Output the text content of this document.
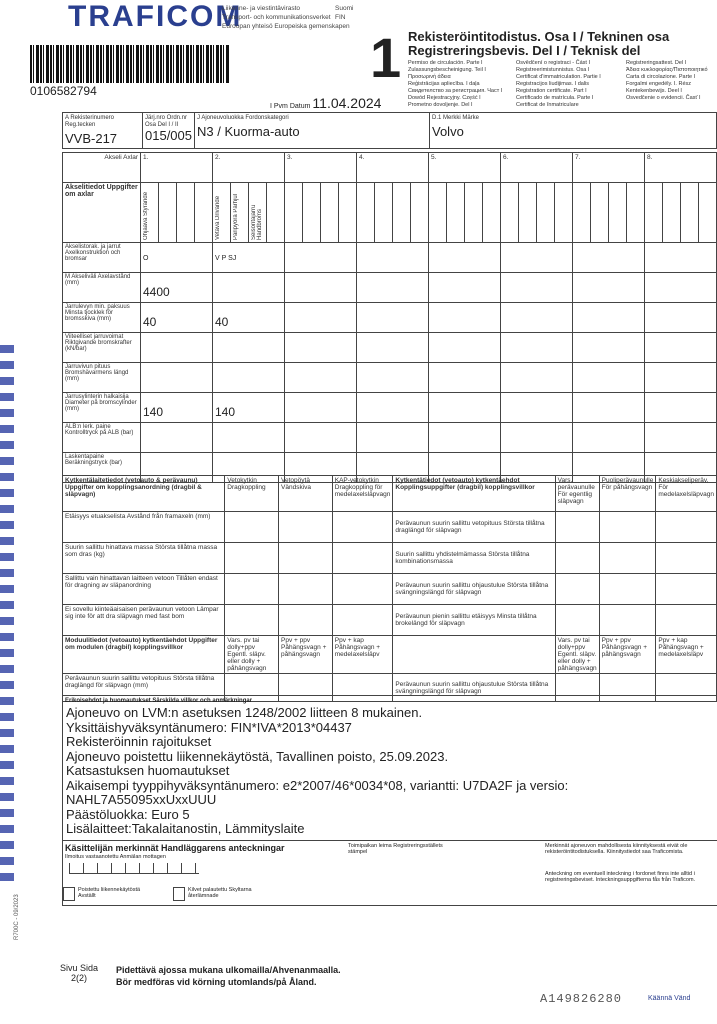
TRAFICOM
Liikenne- ja viestintävirasto
Transport- och kommunikationsverket
Euroopan yhteisö Europeiska gemenskapen
Suomi
FIN
0106582794
1 Rekisteröintitodistus. Osa I / Tekninen osa
Registreringsbevis. Del I / Teknisk del
Permiso de circulación. Parte I	Osvědčení o registraci - Část I	Registreringsattest. Del I
Zulassungsbescheinigung. Teil I	Registreerimistunnistus. Osa I	Άδεια κυκλοφορίας/Πιστοποιητικό
Προσωρινή άδεια	Certificat d'immatriculation. Partie I	Carta di circolazione. Parte I
Reģistrācijas apliecība. I daļa	Registracijos liudijimas. I dalis	Forgalmi engedély. I. Rész
Свидетелство за регистрация. Част I	Registration certificate. Part I	Kentekenbewijs. Deel I
Dowód Rejestracyjny. Część I	Certificado de matrícula. Parte I	Osvedčenie o evidencii. Časť I
Prometno dovoljenje. Del I	Certificat de înmatriculare
I Pvm Datum 11.04.2024
A Rekisterinumero Reg.tecken
VVB-217
	Järj.nro Ordn.nr Osa Del I / II
015/005
	J Ajoneuvoluokka Fordonskategori
N3 / Kuorma-auto
	D.1 Merkki Märke
Volvo
Akseli Axlar	1.				2.				3.				4.				5.				6.				7.				8.			
Akselitiedot Uppgifter om axlar	Ohjaava Styrande				Vetävä Drivande	Paripyörä Parhjul	Seisontajarru Handbroms																									

Akselistorak. ja jarrut Axelkonstruktion och bromsar	O				V P SJ																											
M Akseliväli Axelavstånd (mm)	4400																															
Jarrulevyn min. paksuus Minsta tjocklek för bromsskiva (mm)	40				40																											
Viiteelliset jarruvoimat Riktgivande bromskrafter (kN/bar)																																
Jarruvivun pituus Bromshävarmens längd (mm)																																
Jarrusylinterin halkaisija Diameter på bromscylinder (mm)	140				140																											
ALB:n lerk. paine Kontrolltryck på ALB (bar)																																
Laskentapaine Beräkningstryck (bar)																																
Kytkentälaitetiedot (vetoauto & perävaunu) Uppgifter om kopplingsanordning (dragbil & släpvagn)	Vetokytkin Dragkoppling	Vetopöytä Vändskiva	KAP-vetokytkin Dragkoppling för medelaxelsläpvagn	Kytkentätiedot (vetoauto) kytkentäehdot Kopplingsuppgifter (dragbil) kopplingsvillkor	Vars. perävaunulle För egentlig släpvagn	Puoliperävaunulle För påhängsvagn	Keskiakseliperäv. För medelaxelsläpvagn
Etäisyys etuakselista Avstånd från framaxeln (mm)				Perävaunun suurin sallittu vetopituus Största tillåtna draglängd för släpvagn			
Suurin sallittu hinattava massa Största tillåtna massa som dras (kg)				Suurin sallittu yhdistelmämassa Största tillåtna kombinationsmassa			
Sallittu vain hinattavan laitteen vetoon Tillåten endast för dragning av släpanordning				Perävaunun suurin sallittu ohjaustulue Största tillåtna svängningslängd för släpvagn			
Ei sovellu kiinteäaisaisen perävaunun vetoon Lämpar sig inte för att dra släpvagn med fast bom				Perävaunun pienin sallittu etäisyys Minsta tillåtna brokelängd för släpvagn			
Moduulitiedot (vetoauto) kytkentäehdot Uppgifter om modulen (dragbil) kopplingsvillkor	Vars. pv tai dolly+ppv Egentl. släpv. eller dolly + påhängsvagn	Ppv + ppv Påhängsvagn + påhängsvagn	Ppv + kap Påhängsvagn + medelaxelsläpv		Vars. pv tai dolly+ppv Egentl. släpv. eller dolly + påhängsvagn	Ppv + ppv Påhängsvagn + påhängsvagn	Ppv + kap Påhängsvagn + medelaxelsläpv
Perävaunun suurin sallittu vetopituus Största tillåtna draglängd för släpvagn (mm)				Perävaunun suurin sallittu ohjaustulue Största tillåtna svängningslängd för släpvagn			
Erikoisehdot ja huomautukset Särskilda villkor och anmärkningar
Ajoneuvo on LVM:n asetuksen 1248/2002 liitteen 8 mukainen.
Yksittäishyväksyntänumero: FIN*IVA*2013*04437
Rekisteröinnin rajoitukset
Ajoneuvo poistettu liikennekäytöstä, Tavallinen poisto, 25.09.2023.
Katsastuksen huomautukset
Aikaisempi tyyppihyväksyntänumero: e2*2007/46*0034*08, variantti: U7DA2F ja versio:
NAHL7A55095xxUxxUUU
Päästöluokka: Euro 5
Lisälaitteet:Takalaitanostin, Lämmityslaite
Käsittelijän merkinnät Handläggarens anteckningar
Ilmoitus vastaanotettu Anmälan mottagen
Toimipaikan leima Registreringsställets stämpel
Poistettu liikennekäytöstä Avställt
Kilvet palautettu Skyltarna återlämnade
Merkinnät ajoneuvon mahdollisesta kiinnityksestä eivät ole rekisteröintitodistuksella. Kiinnitystiedot saa Traficomista.
Anteckning om eventuell inteckning i fordonet finns inte alltid i registreringsbeviset. Inteckningsuppgifterna fås från Traficom.
R700C - 09/2023
Sivu Sida
2(2)
Pidettävä ajossa mukana ulkomailla/Ahvenanmaalla.
Bör medföras vid körning utomlands/på Åland.
A149826280	Käännä Vänd
